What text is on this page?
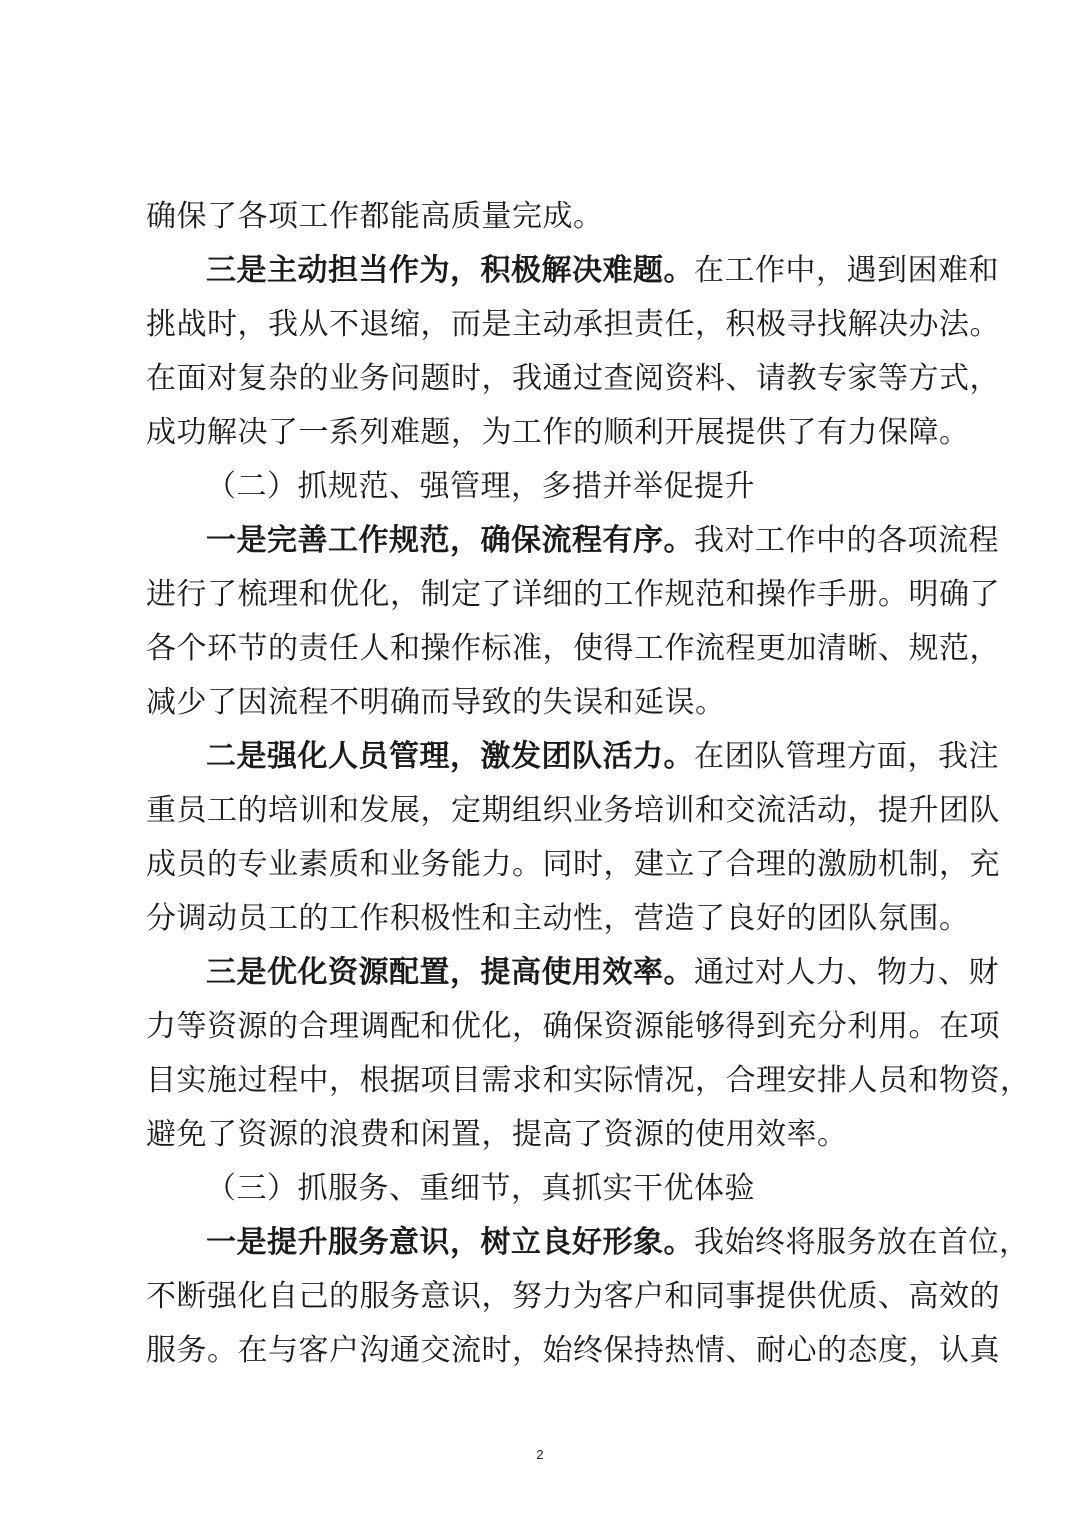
确保了各项工作都能高质量完成。
三是主动担当作为，积极解决难题。在工作中，遇到困难和
挑战时，我从不退缩，而是主动承担责任，积极寻找解决办法。
在面对复杂的业务问题时，我通过查阅资料、请教专家等方式，
成功解决了一系列难题，为工作的顺利开展提供了有力保障。
（二）抓规范、强管理，多措并举促提升
一是完善工作规范，确保流程有序。我对工作中的各项流程
进行了梳理和优化，制定了详细的工作规范和操作手册。明确了
各个环节的责任人和操作标准，使得工作流程更加清晰、规范，
减少了因流程不明确而导致的失误和延误。
二是强化人员管理，激发团队活力。在团队管理方面，我注
重员工的培训和发展，定期组织业务培训和交流活动，提升团队
成员的专业素质和业务能力。同时，建立了合理的激励机制，充
分调动员工的工作积极性和主动性，营造了良好的团队氛围。
三是优化资源配置，提高使用效率。通过对人力、物力、财
力等资源的合理调配和优化，确保资源能够得到充分利用。在项
目实施过程中，根据项目需求和实际情况，合理安排人员和物资，
避免了资源的浪费和闲置，提高了资源的使用效率。
（三）抓服务、重细节，真抓实干优体验
一是提升服务意识，树立良好形象。我始终将服务放在首位，
不断强化自己的服务意识，努力为客户和同事提供优质、高效的
服务。在与客户沟通交流时，始终保持热情、耐心的态度，认真
2
